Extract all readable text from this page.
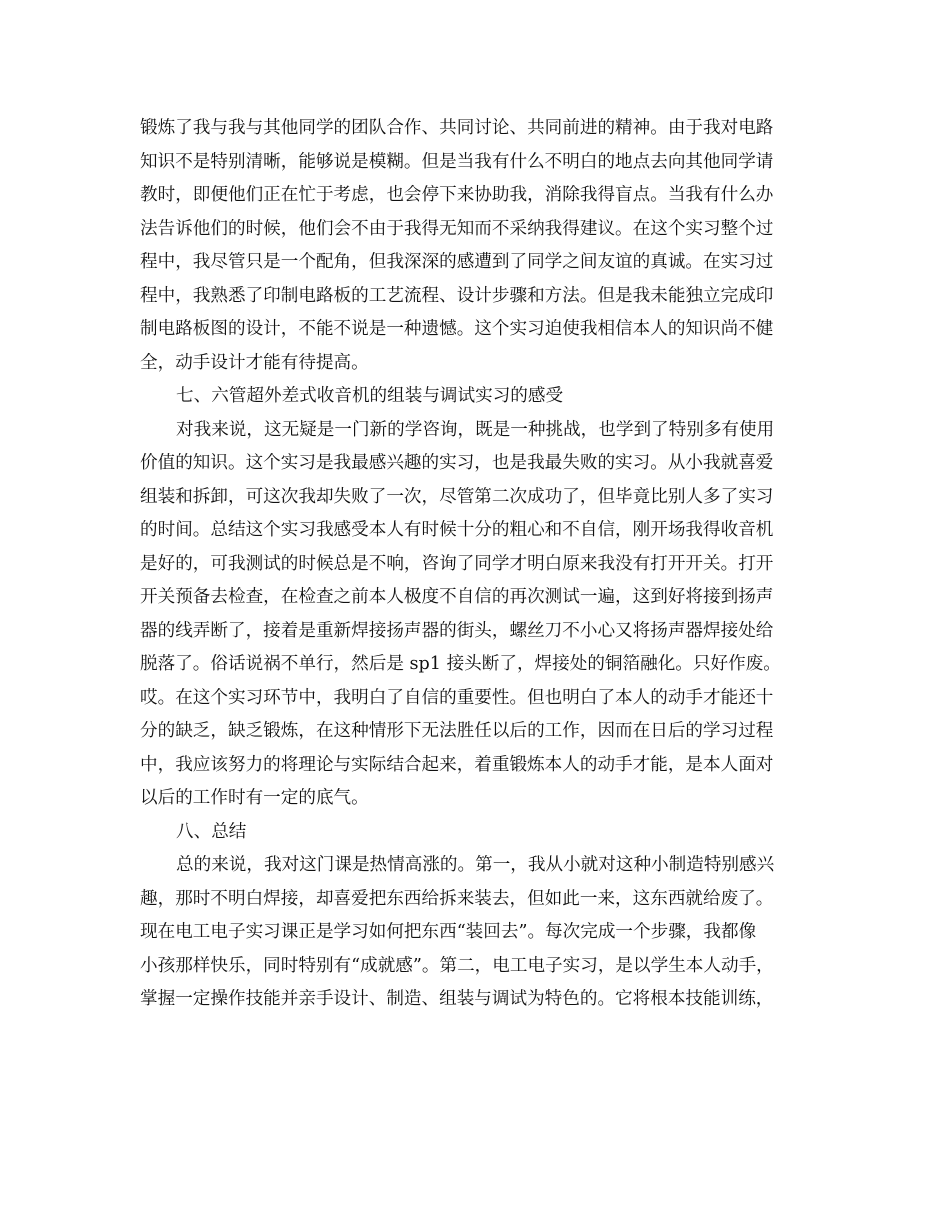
锻炼了我与我与其他同学的团队合作、共同讨论、共同前进的精神。由于我对电路
知识不是特别清晰，能够说是模糊。但是当我有什么不明白的地点去向其他同学请
教时，即便他们正在忙于考虑，也会停下来协助我，消除我得盲点。当我有什么办
法告诉他们的时候，他们会不由于我得无知而不采纳我得建议。在这个实习整个过
程中，我尽管只是一个配角，但我深深的感遭到了同学之间友谊的真诚。在实习过
程中，我熟悉了印制电路板的工艺流程、设计步骤和方法。但是我未能独立完成印
制电路板图的设计，不能不说是一种遗憾。这个实习迫使我相信本人的知识尚不健
全，动手设计才能有待提高。
七、六管超外差式收音机的组装与调试实习的感受
对我来说，这无疑是一门新的学咨询，既是一种挑战，也学到了特别多有使用
价值的知识。这个实习是我最感兴趣的实习，也是我最失败的实习。从小我就喜爱
组装和拆卸，可这次我却失败了一次，尽管第二次成功了，但毕竟比别人多了实习
的时间。总结这个实习我感受本人有时候十分的粗心和不自信，刚开场我得收音机
是好的，可我测试的时候总是不响，咨询了同学才明白原来我没有打开开关。打开
开关预备去检查，在检查之前本人极度不自信的再次测试一遍，这到好将接到扬声
器的线弄断了，接着是重新焊接扬声器的街头，螺丝刀不小心又将扬声器焊接处给
脱落了。俗话说祸不单行，然后是 sp1 接头断了，焊接处的铜箔融化。只好作废。
哎。在这个实习环节中，我明白了自信的重要性。但也明白了本人的动手才能还十
分的缺乏，缺乏锻炼，在这种情形下无法胜任以后的工作，因而在日后的学习过程
中，我应该努力的将理论与实际结合起来，着重锻炼本人的动手才能，是本人面对
以后的工作时有一定的底气。
八、总结
总的来说，我对这门课是热情高涨的。第一，我从小就对这种小制造特别感兴
趣，那时不明白焊接，却喜爱把东西给拆来装去，但如此一来，这东西就给废了。
现在电工电子实习课正是学习如何把东西“装回去”。每次完成一个步骤，我都像
小孩那样快乐，同时特别有“成就感”。第二，电工电子实习，是以学生本人动手，
掌握一定操作技能并亲手设计、制造、组装与调试为特色的。它将根本技能训练，
